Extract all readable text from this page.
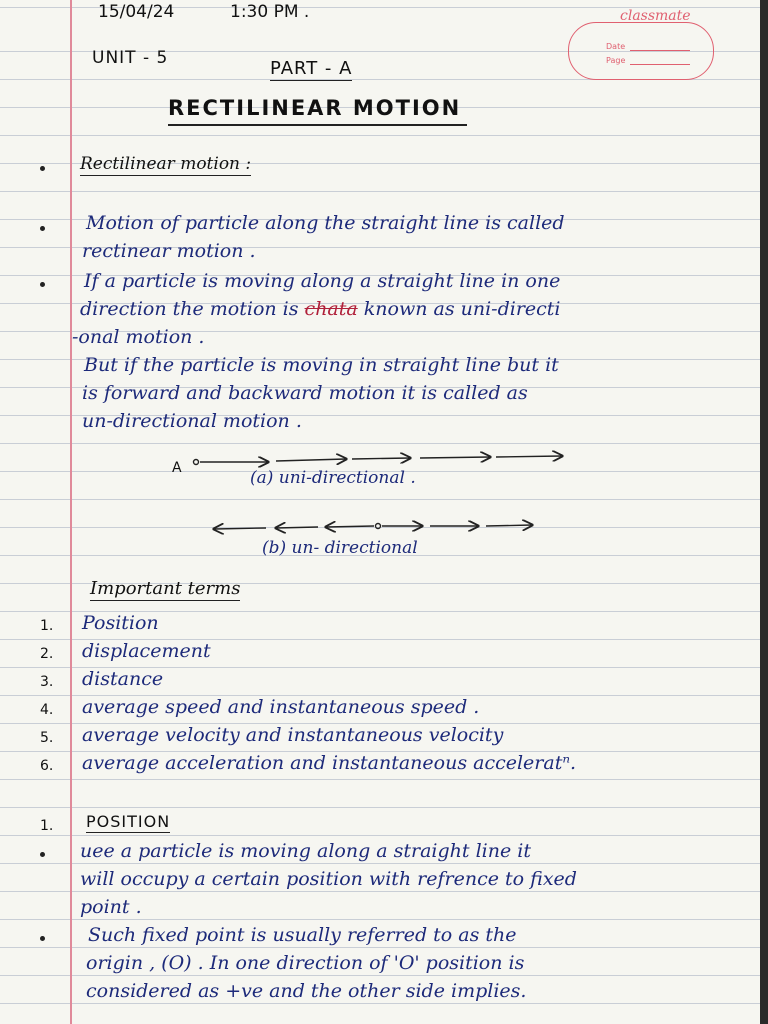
classmate
Date
Page
15/04/24	1:30 PM .
UNIT - 5	PART - A
RECTILINEAR MOTION
Rectilinear motion :
Motion of particle along the straight line is called
rectinear motion .
If a particle is moving along a straight line in one
direction the motion is chata known as uni-directi
-onal motion .
But if the particle is moving in straight line but it
is forward and backward motion it is called as
un-directional motion .
A	(a) uni-directional .
(b) un- directional
Important terms
1. POSITION
uee a particle is moving along a straight line it
will occupy a certain position with refrence to fixed
point .
Such fixed point is usually referred to as the
origin , (O) . In one direction of 'O' position is
considered as +ve and the other side implies.
1. Position
2. displacement
3. distance
4. average speed and instantaneous speed .
5. average velocity and instantaneous velocity
6. average acceleration and instantaneous acceleratⁿ.
